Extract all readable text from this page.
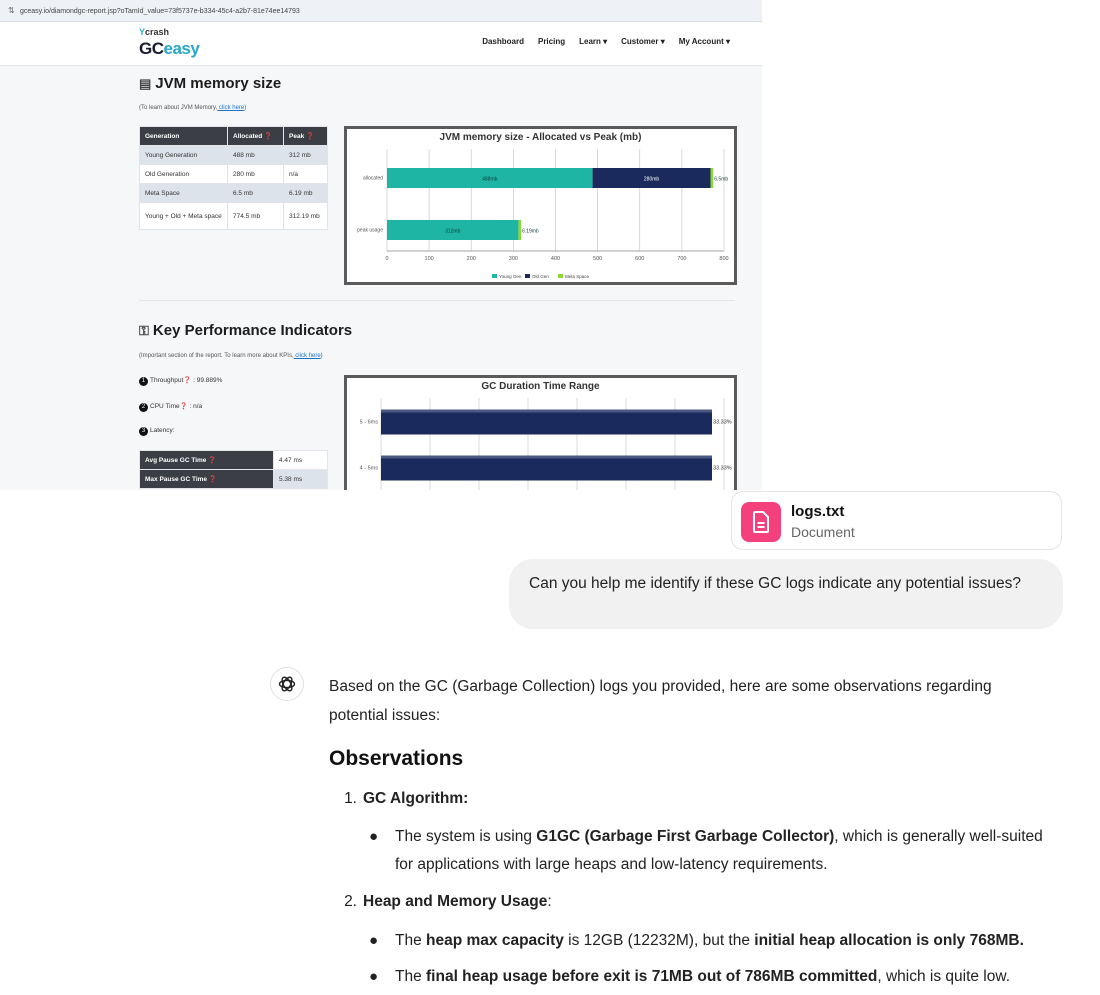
⇅ gceasy.io/diamondgc-report.jsp?oTamId_value=73f5737e-b334-45c4-a2b7-81e74ee14793
Ycrash
GCeasy	Dashboard Pricing Learn ▾ Customer ▾ My Account ▾
▤ JVM memory size
(To learn about JVM Memory, click here)
Generation	Allocated ❓	Peak ❓
Young Generation	488 mb	312 mb
Old Generation	280 mb	n/a
Meta Space	6.5 mb	6.19 mb
Young + Old + Meta space	774.5 mb	312.19 mb
JVM memory size - Allocated vs Peak (mb)
0	100	200	300	400	500	600	700	800
allocated	488mb	280mb	6.5mb
peak usage	312mb	6.19mb
Young Gen Old Gen	Meta Space
⚿ Key Performance Indicators
(Important section of the report. To learn more about KPIs, click here)
1 Throughput❓ : 99.889%
2 CPU Time❓ : n/a
3 Latency:
Avg Pause GC Time ❓	4.47 ms
Max Pause GC Time ❓	5.38 ms
GC Duration Time Range
5 - 6ms	33.33%
4 - 5ms	33.33%
logs.txt
Document
Can you help me identify if these GC logs indicate any potential issues?
Based on the GC (Garbage Collection) logs you provided, here are some observations regarding potential issues:
Observations
1. GC Algorithm:
● The system is using G1GC (Garbage First Garbage Collector), which is generally well-suited for applications with large heaps and low-latency requirements.
2. Heap and Memory Usage:
● The heap max capacity is 12GB (12232M), but the initial heap allocation is only 768MB.
● The final heap usage before exit is 71MB out of 786MB committed, which is quite low.
